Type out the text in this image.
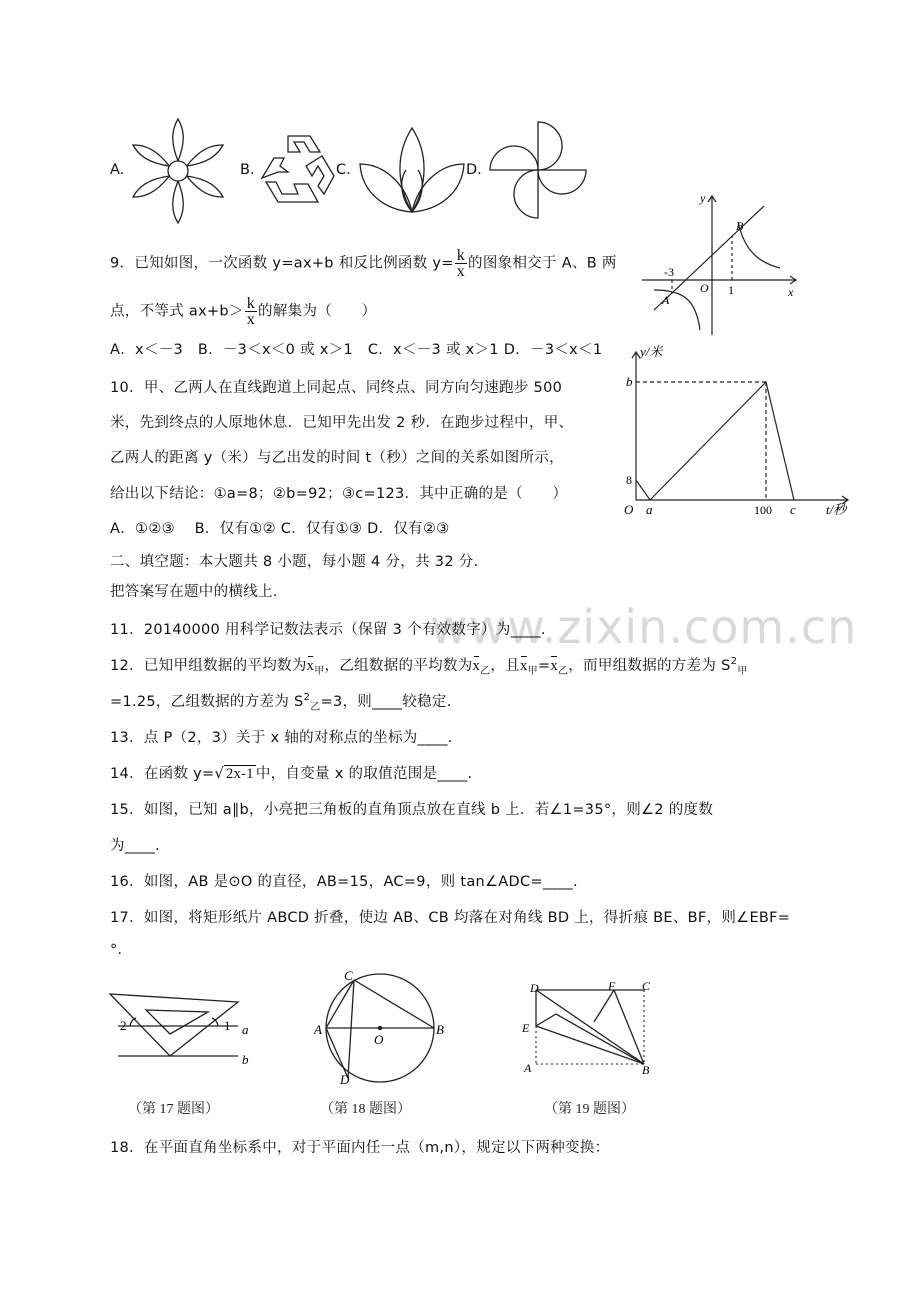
www.zixin.com.cn
A.	B.	C.	D.
9．已知如图，一次函数 y=ax+b 和反比例函数 $y= \frac{k}{x}$ 的图象相交于 A、B 两
点，不等式 $ax+b> \frac{k}{x}$ 的解集为（　　）
A．x＜－3　B．－3＜x＜0 或 x＞1　C．x＜－3 或 x＞1 D．－3＜x＜1
y
x
O
B
A
-3
1
10．甲、乙两人在直线跑道上同起点、同终点、同方向匀速跑步 500
米，先到终点的人原地休息．已知甲先出发 2 秒．在跑步过程中，甲、
乙两人的距离 y（米）与乙出发的时间 t（秒）之间的关系如图所示，
给出以下结论：①a=8；②b=92；③c=123．其中正确的是（　　）
A．①②③　 B．仅有①② C．仅有①③ D．仅有②③
y/米
b
8
O a	100 c t/秒
二、填空题：本大题共 8 小题，每小题 4 分，共 32 分.
把答案写在题中的横线上.
11．20140000 用科学记数法表示（保留 3 个有效数字）为____.
12．已知甲组数据的平均数为$x_甲$，乙组数据的平均数为$x_乙$，且$x_甲=x_乙$，而甲组数据的方差为 $S^2_甲$
=1.25，乙组数据的方差为 $S^2_乙=3$，则____较稳定.
13．点 P（2，3）关于 x 轴的对称点的坐标为____.
14．在函数 y=√ 2x-1 中，自变量 x 的取值范围是____.
15．如图，已知 a∥b，小亮把三角板的直角顶点放在直线 b 上．若∠1=35°，则∠2 的度数
为____.
16．如图，AB 是⊙O 的直径，AB=15，AC=9，则 tan∠ADC=____.
17．如图，将矩形纸片 ABCD 折叠，使边 AB、CB 均落在对角线 BD 上，得折痕 BE、BF，则∠EBF=
°．
2	1 a
b
（第 17 题图）
C
A	B
O
D
（第 18 题图）
D	F C
E
A	B
（第 19 题图）
18．在平面直角坐标系中，对于平面内任一点（m,n），规定以下两种变换：
